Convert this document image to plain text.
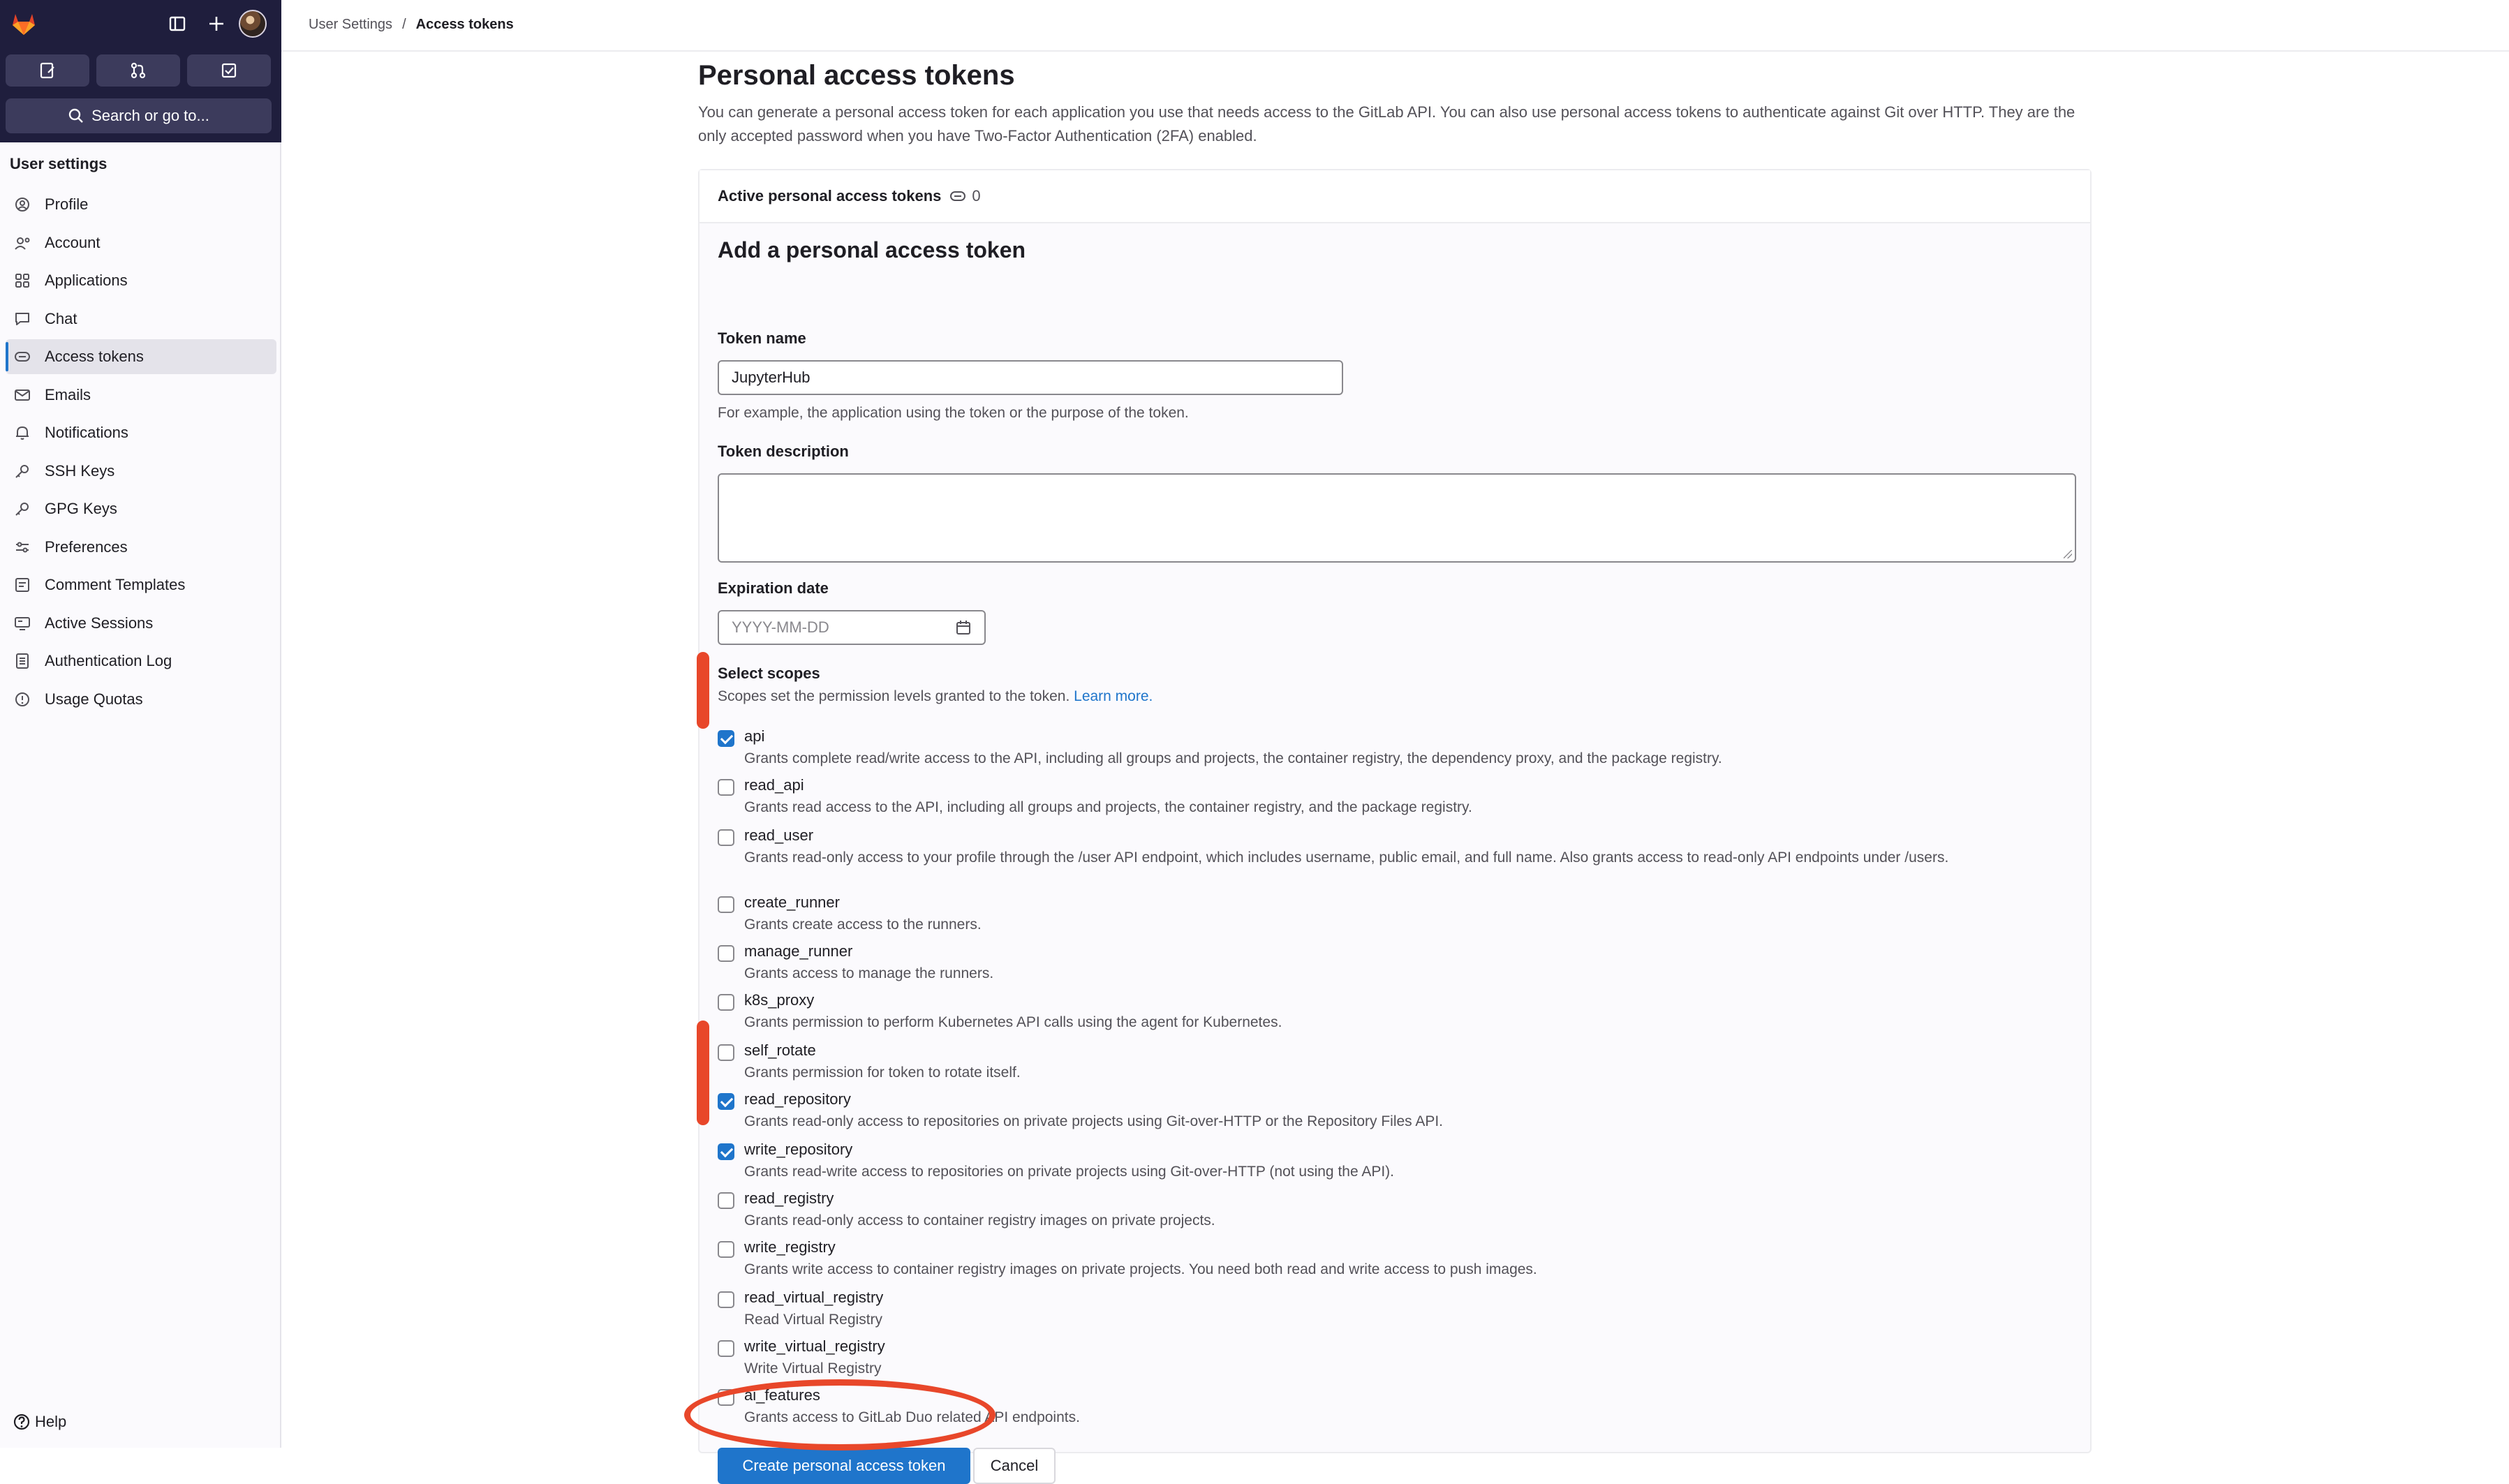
Search or go to...
User settings
Profile
Account
Applications
Chat
Access tokens
Emails
Notifications
SSH Keys
GPG Keys
Preferences
Comment Templates
Active Sessions
Authentication Log
Usage Quotas
Help
User Settings / Access tokens
Personal access tokens

You can generate a personal access token for each application you use that needs access to the GitLab API. You can also use personal access tokens to authenticate against Git over HTTP. They are the only accepted password when you have Two-Factor Authentication (2FA) enabled.

Active personal access tokens 0
Add a personal access token
Token name
JupyterHub
For example, the application using the token or the purpose of the token.
Token description
Expiration date
YYYY-MM-DD
Select scopes
Scopes set the permission levels granted to the token. Learn more.
api
Grants complete read/write access to the API, including all groups and projects, the container registry, the dependency proxy, and the package registry.
read_api
Grants read access to the API, including all groups and projects, the container registry, and the package registry.
read_user
Grants read-only access to your profile through the /user API endpoint, which includes username, public email, and full name. Also grants access to read-only API endpoints under /users.
create_runner
Grants create access to the runners.
manage_runner
Grants access to manage the runners.
k8s_proxy
Grants permission to perform Kubernetes API calls using the agent for Kubernetes.
self_rotate
Grants permission for token to rotate itself.
read_repository
Grants read-only access to repositories on private projects using Git-over-HTTP or the Repository Files API.
write_repository
Grants read-write access to repositories on private projects using Git-over-HTTP (not using the API).
read_registry
Grants read-only access to container registry images on private projects.
write_registry
Grants write access to container registry images on private projects. You need both read and write access to push images.
read_virtual_registry
Read Virtual Registry
write_virtual_registry
Write Virtual Registry
ai_features
Grants access to GitLab Duo related API endpoints.
Create personal access token	Cancel
